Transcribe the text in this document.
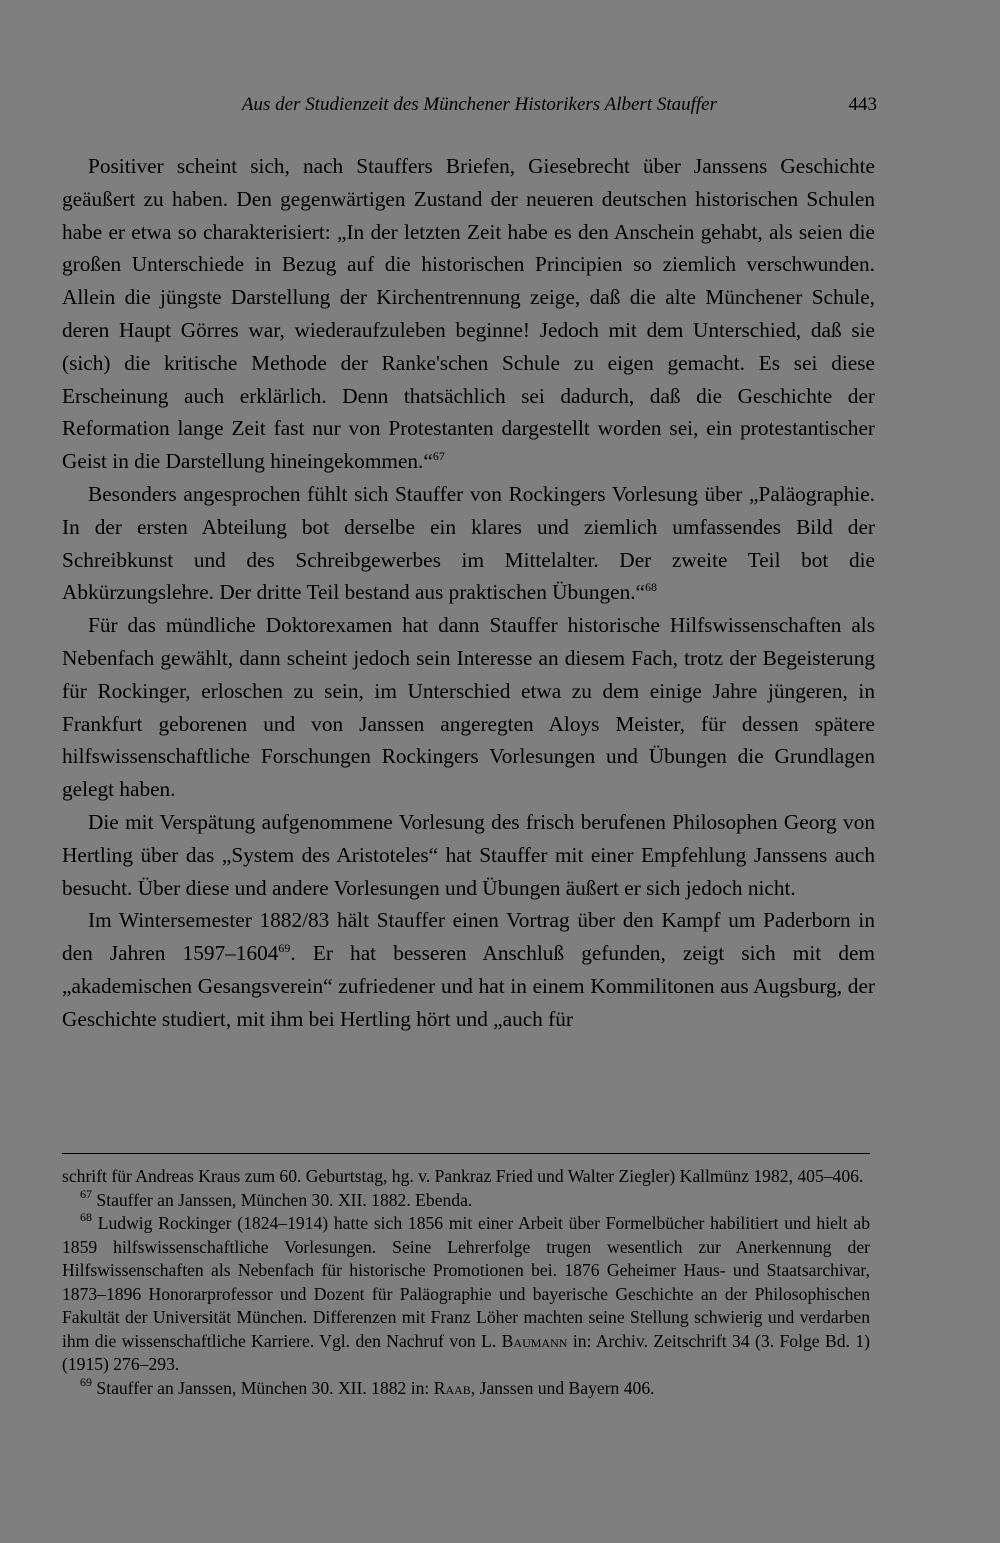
Aus der Studienzeit des Münchener Historikers Albert Stauffer	443

Positiver scheint sich, nach Stauffers Briefen, Giesebrecht über Janssens Geschichte geäußert zu haben. Den gegenwärtigen Zustand der neueren deutschen historischen Schulen habe er etwa so charakterisiert: „In der letzten Zeit habe es den Anschein gehabt, als seien die großen Unterschiede in Bezug auf die historischen Principien so ziemlich verschwunden. Allein die jüngste Darstellung der Kirchentrennung zeige, daß die alte Münchener Schule, deren Haupt Görres war, wiederaufzuleben beginne! Jedoch mit dem Unterschied, daß sie (sich) die kritische Methode der Ranke'schen Schule zu eigen gemacht. Es sei diese Erscheinung auch erklärlich. Denn thatsächlich sei dadurch, daß die Geschichte der Reformation lange Zeit fast nur von Protestanten dargestellt worden sei, ein protestantischer Geist in die Darstellung hineingekommen.“$^{67}$

Besonders angesprochen fühlt sich Stauffer von Rockingers Vorlesung über „Paläographie. In der ersten Abteilung bot derselbe ein klares und ziemlich umfassendes Bild der Schreibkunst und des Schreibgewerbes im Mittelalter. Der zweite Teil bot die Abkürzungslehre. Der dritte Teil bestand aus praktischen Übungen.“$^{68}$

Für das mündliche Doktorexamen hat dann Stauffer historische Hilfswissenschaften als Nebenfach gewählt, dann scheint jedoch sein Interesse an diesem Fach, trotz der Begeisterung für Rockinger, erloschen zu sein, im Unterschied etwa zu dem einige Jahre jüngeren, in Frankfurt geborenen und von Janssen angeregten Aloys Meister, für dessen spätere hilfswissenschaftliche Forschungen Rockingers Vorlesungen und Übungen die Grundlagen gelegt haben.

Die mit Verspätung aufgenommene Vorlesung des frisch berufenen Philosophen Georg von Hertling über das „System des Aristoteles“ hat Stauffer mit einer Empfehlung Janssens auch besucht. Über diese und andere Vorlesungen und Übungen äußert er sich jedoch nicht.

Im Wintersemester 1882/83 hält Stauffer einen Vortrag über den Kampf um Paderborn in den Jahren 1597–1604$^{69}$. Er hat besseren Anschluß gefunden, zeigt sich mit dem „akademischen Gesangsverein“ zufriedener und hat in einem Kommilitonen aus Augsburg, der Geschichte studiert, mit ihm bei Hertling hört und „auch für

schrift für Andreas Kraus zum 60. Geburtstag, hg. v. Pankraz Fried und Walter Ziegler) Kallmünz 1982, 405–406.

$^{67}$ Stauffer an Janssen, München 30. XII. 1882. Ebenda.

$^{68}$ Ludwig Rockinger (1824–1914) hatte sich 1856 mit einer Arbeit über Formelbücher habilitiert und hielt ab 1859 hilfswissenschaftliche Vorlesungen. Seine Lehrerfolge trugen wesentlich zur Anerkennung der Hilfswissenschaften als Nebenfach für historische Promotionen bei. 1876 Geheimer Haus- und Staatsarchivar, 1873–1896 Honorarprofessor und Dozent für Paläographie und bayerische Geschichte an der Philosophischen Fakultät der Universität München. Differenzen mit Franz Löher machten seine Stellung schwierig und verdarben ihm die wissenschaftliche Karriere. Vgl. den Nachruf von L. Baumann in: Archiv. Zeitschrift 34 (3. Folge Bd. 1) (1915) 276–293.

$^{69}$ Stauffer an Janssen, München 30. XII. 1882 in: Raab, Janssen und Bayern 406.
